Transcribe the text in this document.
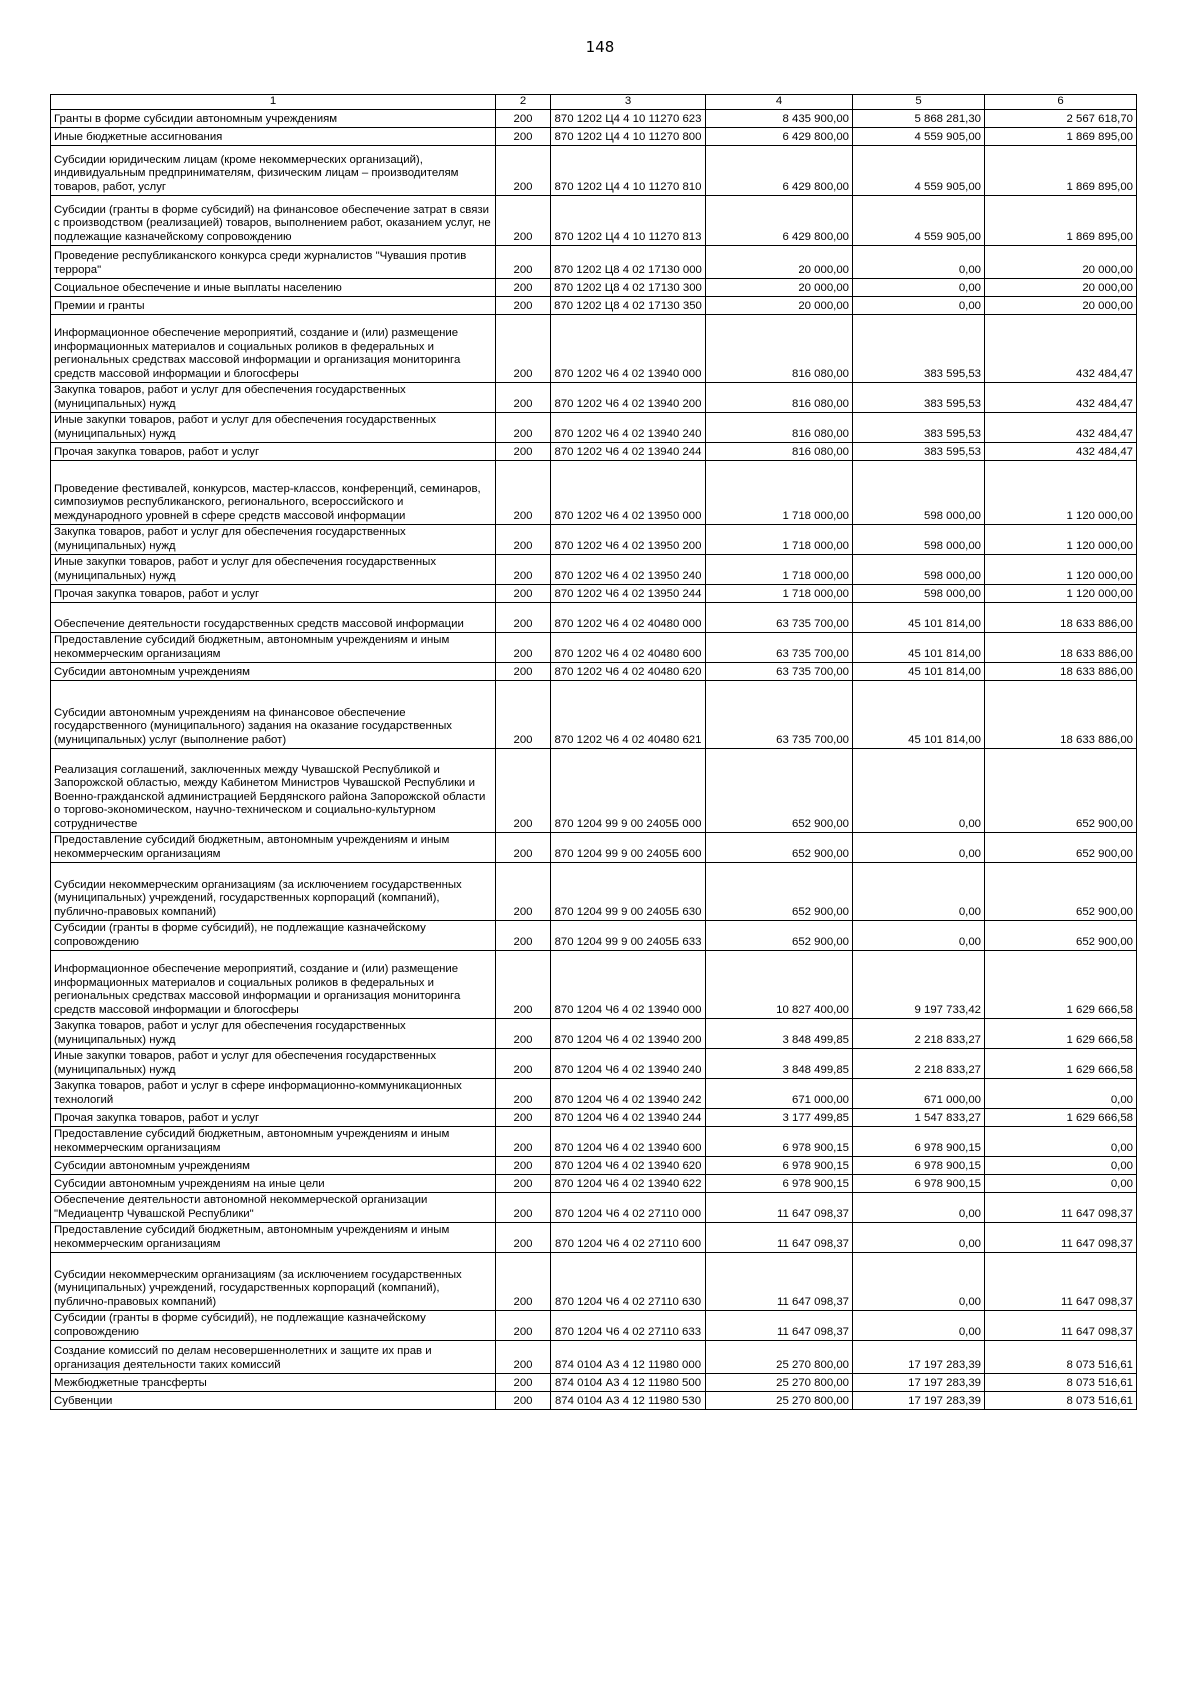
148
1	2	3	4	5	6
Гранты в форме субсидии автономным учреждениям	200	870 1202 Ц4 4 10 11270 623	8 435 900,00	5 868 281,30	2 567 618,70
Иные бюджетные ассигнования	200	870 1202 Ц4 4 10 11270 800	6 429 800,00	4 559 905,00	1 869 895,00
Субсидии юридическим лицам (кроме некоммерческих организаций), индивидуальным предпринимателям, физическим лицам – производителям товаров, работ, услуг	200	870 1202 Ц4 4 10 11270 810	6 429 800,00	4 559 905,00	1 869 895,00
Субсидии (гранты в форме субсидий) на финансовое обеспечение затрат в связи с производством (реализацией) товаров, выполнением работ, оказанием услуг, не подлежащие казначейскому сопровождению	200	870 1202 Ц4 4 10 11270 813	6 429 800,00	4 559 905,00	1 869 895,00
Проведение республиканского конкурса среди журналистов "Чувашия против террора"	200	870 1202 Ц8 4 02 17130 000	20 000,00	0,00	20 000,00
Социальное обеспечение и иные выплаты населению	200	870 1202 Ц8 4 02 17130 300	20 000,00	0,00	20 000,00
Премии и гранты	200	870 1202 Ц8 4 02 17130 350	20 000,00	0,00	20 000,00
Информационное обеспечение мероприятий, создание и (или) размещение информационных материалов и социальных роликов в федеральных и региональных средствах массовой информации и организация мониторинга средств массовой информации и блогосферы	200	870 1202 Ч6 4 02 13940 000	816 080,00	383 595,53	432 484,47
Закупка товаров, работ и услуг для обеспечения государственных (муниципальных) нужд	200	870 1202 Ч6 4 02 13940 200	816 080,00	383 595,53	432 484,47
Иные закупки товаров, работ и услуг для обеспечения государственных (муниципальных) нужд	200	870 1202 Ч6 4 02 13940 240	816 080,00	383 595,53	432 484,47
Прочая закупка товаров, работ и услуг	200	870 1202 Ч6 4 02 13940 244	816 080,00	383 595,53	432 484,47
Проведение фестивалей, конкурсов, мастер-классов, конференций, семинаров, симпозиумов республиканского, регионального, всероссийского и международного уровней в сфере средств массовой информации	200	870 1202 Ч6 4 02 13950 000	1 718 000,00	598 000,00	1 120 000,00
Закупка товаров, работ и услуг для обеспечения государственных (муниципальных) нужд	200	870 1202 Ч6 4 02 13950 200	1 718 000,00	598 000,00	1 120 000,00
Иные закупки товаров, работ и услуг для обеспечения государственных (муниципальных) нужд	200	870 1202 Ч6 4 02 13950 240	1 718 000,00	598 000,00	1 120 000,00
Прочая закупка товаров, работ и услуг	200	870 1202 Ч6 4 02 13950 244	1 718 000,00	598 000,00	1 120 000,00
Обеспечение деятельности государственных средств массовой информации	200	870 1202 Ч6 4 02 40480 000	63 735 700,00	45 101 814,00	18 633 886,00
Предоставление субсидий бюджетным, автономным учреждениям и иным некоммерческим организациям	200	870 1202 Ч6 4 02 40480 600	63 735 700,00	45 101 814,00	18 633 886,00
Субсидии автономным учреждениям	200	870 1202 Ч6 4 02 40480 620	63 735 700,00	45 101 814,00	18 633 886,00
Субсидии автономным учреждениям на финансовое обеспечение государственного (муниципального) задания на оказание государственных (муниципальных) услуг (выполнение работ)	200	870 1202 Ч6 4 02 40480 621	63 735 700,00	45 101 814,00	18 633 886,00
Реализация соглашений, заключенных между Чувашской Республикой и Запорожской областью, между Кабинетом Министров Чувашской Республики и Военно-гражданской администрацией Бердянского района Запорожской области о торгово-экономическом, научно-техническом и социально-культурном сотрудничестве	200	870 1204 99 9 00 2405Б 000	652 900,00	0,00	652 900,00
Предоставление субсидий бюджетным, автономным учреждениям и иным некоммерческим организациям	200	870 1204 99 9 00 2405Б 600	652 900,00	0,00	652 900,00
Субсидии некоммерческим организациям (за исключением государственных (муниципальных) учреждений, государственных корпораций (компаний), публично-правовых компаний)	200	870 1204 99 9 00 2405Б 630	652 900,00	0,00	652 900,00
Субсидии (гранты в форме субсидий), не подлежащие казначейскому сопровождению	200	870 1204 99 9 00 2405Б 633	652 900,00	0,00	652 900,00
Информационное обеспечение мероприятий, создание и (или) размещение информационных материалов и социальных роликов в федеральных и региональных средствах массовой информации и организация мониторинга средств массовой информации и блогосферы	200	870 1204 Ч6 4 02 13940 000	10 827 400,00	9 197 733,42	1 629 666,58
Закупка товаров, работ и услуг для обеспечения государственных (муниципальных) нужд	200	870 1204 Ч6 4 02 13940 200	3 848 499,85	2 218 833,27	1 629 666,58
Иные закупки товаров, работ и услуг для обеспечения государственных (муниципальных) нужд	200	870 1204 Ч6 4 02 13940 240	3 848 499,85	2 218 833,27	1 629 666,58
Закупка товаров, работ и услуг в сфере информационно-коммуникационных технологий	200	870 1204 Ч6 4 02 13940 242	671 000,00	671 000,00	0,00
Прочая закупка товаров, работ и услуг	200	870 1204 Ч6 4 02 13940 244	3 177 499,85	1 547 833,27	1 629 666,58
Предоставление субсидий бюджетным, автономным учреждениям и иным некоммерческим организациям	200	870 1204 Ч6 4 02 13940 600	6 978 900,15	6 978 900,15	0,00
Субсидии автономным учреждениям	200	870 1204 Ч6 4 02 13940 620	6 978 900,15	6 978 900,15	0,00
Субсидии автономным учреждениям на иные цели	200	870 1204 Ч6 4 02 13940 622	6 978 900,15	6 978 900,15	0,00
Обеспечение деятельности автономной некоммерческой организации "Медиацентр Чувашской Республики"	200	870 1204 Ч6 4 02 27110 000	11 647 098,37	0,00	11 647 098,37
Предоставление субсидий бюджетным, автономным учреждениям и иным некоммерческим организациям	200	870 1204 Ч6 4 02 27110 600	11 647 098,37	0,00	11 647 098,37
Субсидии некоммерческим организациям (за исключением государственных (муниципальных) учреждений, государственных корпораций (компаний), публично-правовых компаний)	200	870 1204 Ч6 4 02 27110 630	11 647 098,37	0,00	11 647 098,37
Субсидии (гранты в форме субсидий), не подлежащие казначейскому сопровождению	200	870 1204 Ч6 4 02 27110 633	11 647 098,37	0,00	11 647 098,37
Создание комиссий по делам несовершеннолетних и защите их прав и организация деятельности таких комиссий	200	874 0104 А3 4 12 11980 000	25 270 800,00	17 197 283,39	8 073 516,61
Межбюджетные трансферты	200	874 0104 А3 4 12 11980 500	25 270 800,00	17 197 283,39	8 073 516,61
Субвенции	200	874 0104 А3 4 12 11980 530	25 270 800,00	17 197 283,39	8 073 516,61
